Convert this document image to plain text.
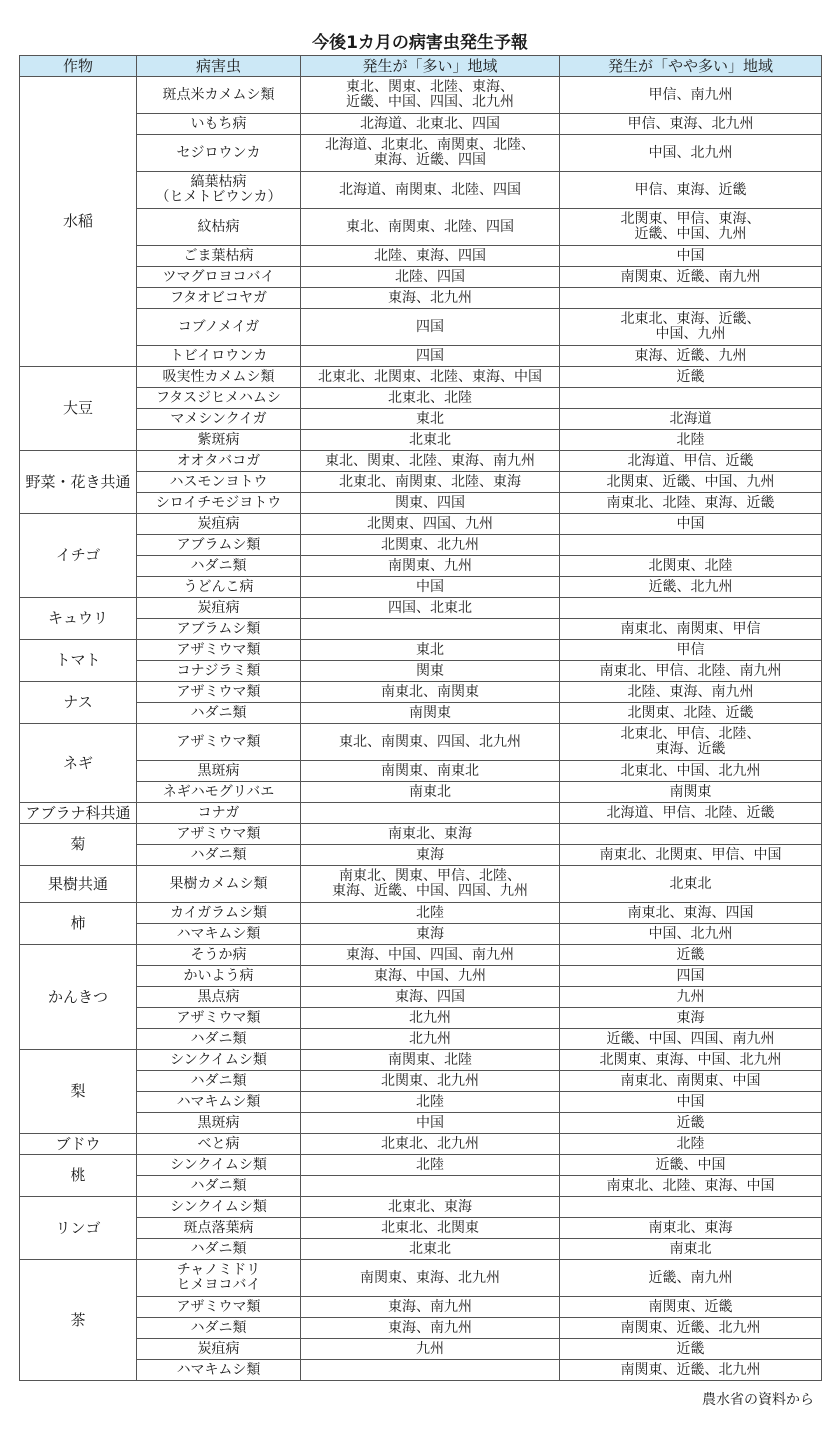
今後1カ月の病害虫発生予報
作物	病害虫	発生が「多い」地域	発生が「やや多い」地域
水稲	斑点米カメムシ類	東北、関東、北陸、東海、
近畿、中国、四国、北九州	甲信、南九州
	いもち病	北海道、北東北、四国	甲信、東海、北九州
	セジロウンカ	北海道、北東北、南関東、北陸、
東海、近畿、四国	中国、北九州
	縞葉枯病
（ヒメトビウンカ）	北海道、南関東、北陸、四国	甲信、東海、近畿
	紋枯病	東北、南関東、北陸、四国	北関東、甲信、東海、
近畿、中国、九州
	ごま葉枯病	北陸、東海、四国	中国
	ツマグロヨコバイ	北陸、四国	南関東、近畿、南九州
	フタオビコヤガ	東海、北九州	
	コブノメイガ	四国	北東北、東海、近畿、
中国、九州
	トビイロウンカ	四国	東海、近畿、九州
大豆	吸実性カメムシ類	北東北、北関東、北陸、東海、中国	近畿
	フタスジヒメハムシ	北東北、北陸	
	マメシンクイガ	東北	北海道
	紫斑病	北東北	北陸
野菜・花き共通	オオタバコガ	東北、関東、北陸、東海、南九州	北海道、甲信、近畿
	ハスモンヨトウ	北東北、南関東、北陸、東海	北関東、近畿、中国、九州
	シロイチモジヨトウ	関東、四国	南東北、北陸、東海、近畿
イチゴ	炭疽病	北関東、四国、九州	中国
	アブラムシ類	北関東、北九州	
	ハダニ類	南関東、九州	北関東、北陸
	うどんこ病	中国	近畿、北九州
キュウリ	炭疽病	四国、北東北	
	アブラムシ類		南東北、南関東、甲信
トマト	アザミウマ類	東北	甲信
	コナジラミ類	関東	南東北、甲信、北陸、南九州
ナス	アザミウマ類	南東北、南関東	北陸、東海、南九州
	ハダニ類	南関東	北関東、北陸、近畿
ネギ	アザミウマ類	東北、南関東、四国、北九州	北東北、甲信、北陸、
東海、近畿
	黒斑病	南関東、南東北	北東北、中国、北九州
	ネギハモグリバエ	南東北	南関東
アブラナ科共通	コナガ		北海道、甲信、北陸、近畿
菊	アザミウマ類	南東北、東海	
	ハダニ類	東海	南東北、北関東、甲信、中国
果樹共通	果樹カメムシ類	南東北、関東、甲信、北陸、
東海、近畿、中国、四国、九州	北東北
柿	カイガラムシ類	北陸	南東北、東海、四国
	ハマキムシ類	東海	中国、北九州
かんきつ	そうか病	東海、中国、四国、南九州	近畿
	かいよう病	東海、中国、九州	四国
	黒点病	東海、四国	九州
	アザミウマ類	北九州	東海
	ハダニ類	北九州	近畿、中国、四国、南九州
梨	シンクイムシ類	南関東、北陸	北関東、東海、中国、北九州
	ハダニ類	北関東、北九州	南東北、南関東、中国
	ハマキムシ類	北陸	中国
	黒斑病	中国	近畿
ブドウ	べと病	北東北、北九州	北陸
桃	シンクイムシ類	北陸	近畿、中国
	ハダニ類		南東北、北陸、東海、中国
リンゴ	シンクイムシ類	北東北、東海	
	斑点落葉病	北東北、北関東	南東北、東海
	ハダニ類	北東北	南東北
茶	チャノミドリ
ヒメヨコバイ	南関東、東海、北九州	近畿、南九州
	アザミウマ類	東海、南九州	南関東、近畿
	ハダニ類	東海、南九州	南関東、近畿、北九州
	炭疽病	九州	近畿
	ハマキムシ類		南関東、近畿、北九州
農水省の資料から
